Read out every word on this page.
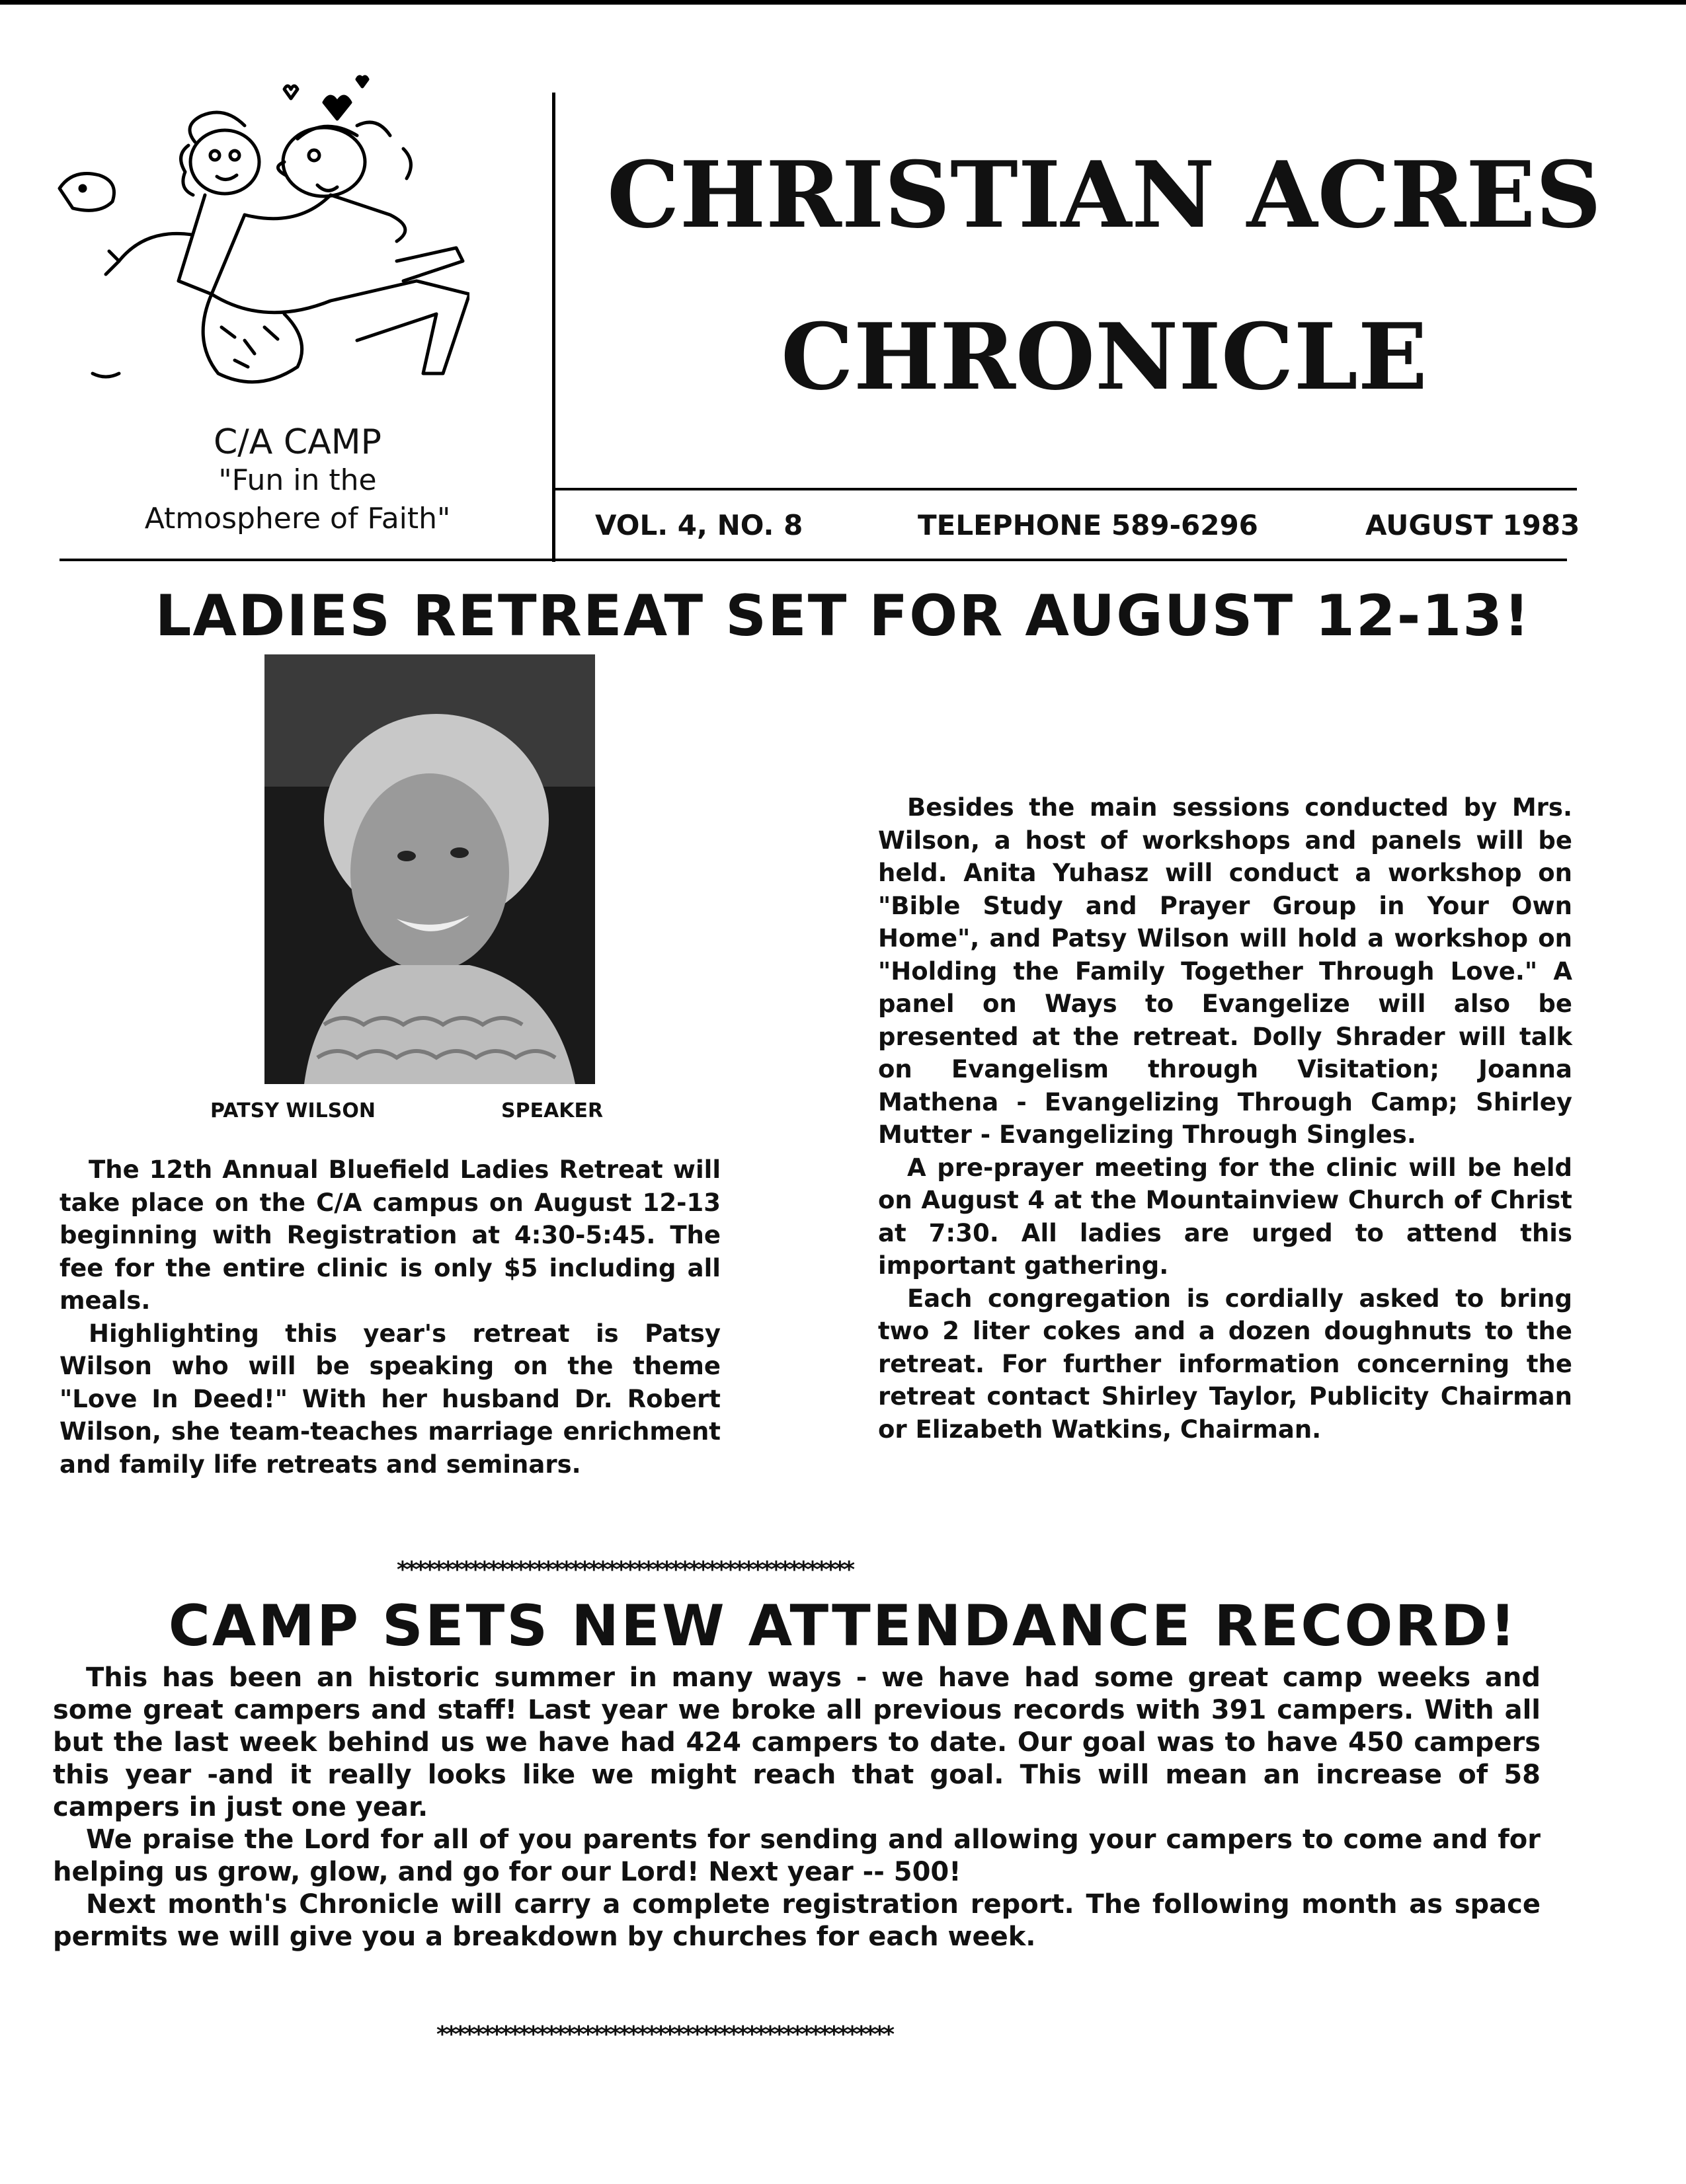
C/A CAMP
"Fun in the
Atmosphere of Faith"
CHRISTIAN ACRES
CHRONICLE
VOL. 4, NO. 8	TELEPHONE 589-6296	AUGUST 1983
LADIES RETREAT SET FOR AUGUST 12-13!
PATSY WILSON	SPEAKER

The 12th Annual Bluefield Ladies Retreat will take place on the C/A campus on August 12-13 beginning with Registration at 4:30-5:45. The fee for the entire clinic is only $5 including all meals.

Highlighting this year's retreat is Patsy Wilson who will be speaking on the theme "Love In Deed!" With her husband Dr. Robert Wilson, she team-teaches marriage enrichment and family life retreats and seminars.

Besides the main sessions conducted by Mrs. Wilson, a host of workshops and panels will be held. Anita Yuhasz will conduct a workshop on "Bible Study and Prayer Group in Your Own Home", and Patsy Wilson will hold a workshop on "Holding the Family Together Through Love." A panel on Ways to Evangelize will also be presented at the retreat. Dolly Shrader will talk on Evangelism through Visitation; Joanna Mathena - Evangelizing Through Camp; Shirley Mutter - Evangelizing Through Singles.

A pre-prayer meeting for the clinic will be held on August 4 at the Mountainview Church of Christ at 7:30. All ladies are urged to attend this important gathering.

Each congregation is cordially asked to bring two 2 liter cokes and a dozen doughnuts to the retreat. For further information concerning the retreat contact Shirley Taylor, Publicity Chairman or Elizabeth Watkins, Chairman.

**************************************************
CAMP SETS NEW ATTENDANCE RECORD!

This has been an historic summer in many ways - we have had some great camp weeks and some great campers and staff! Last year we broke all previous records with 391 campers. With all but the last week behind us we have had 424 campers to date. Our goal was to have 450 campers this year -and it really looks like we might reach that goal. This will mean an increase of 58 campers in just one year.

We praise the Lord for all of you parents for sending and allowing your campers to come and for helping us grow, glow, and go for our Lord! Next year -- 500!

Next month's Chronicle will carry a complete registration report. The following month as space permits we will give you a breakdown by churches for each week.

**************************************************
